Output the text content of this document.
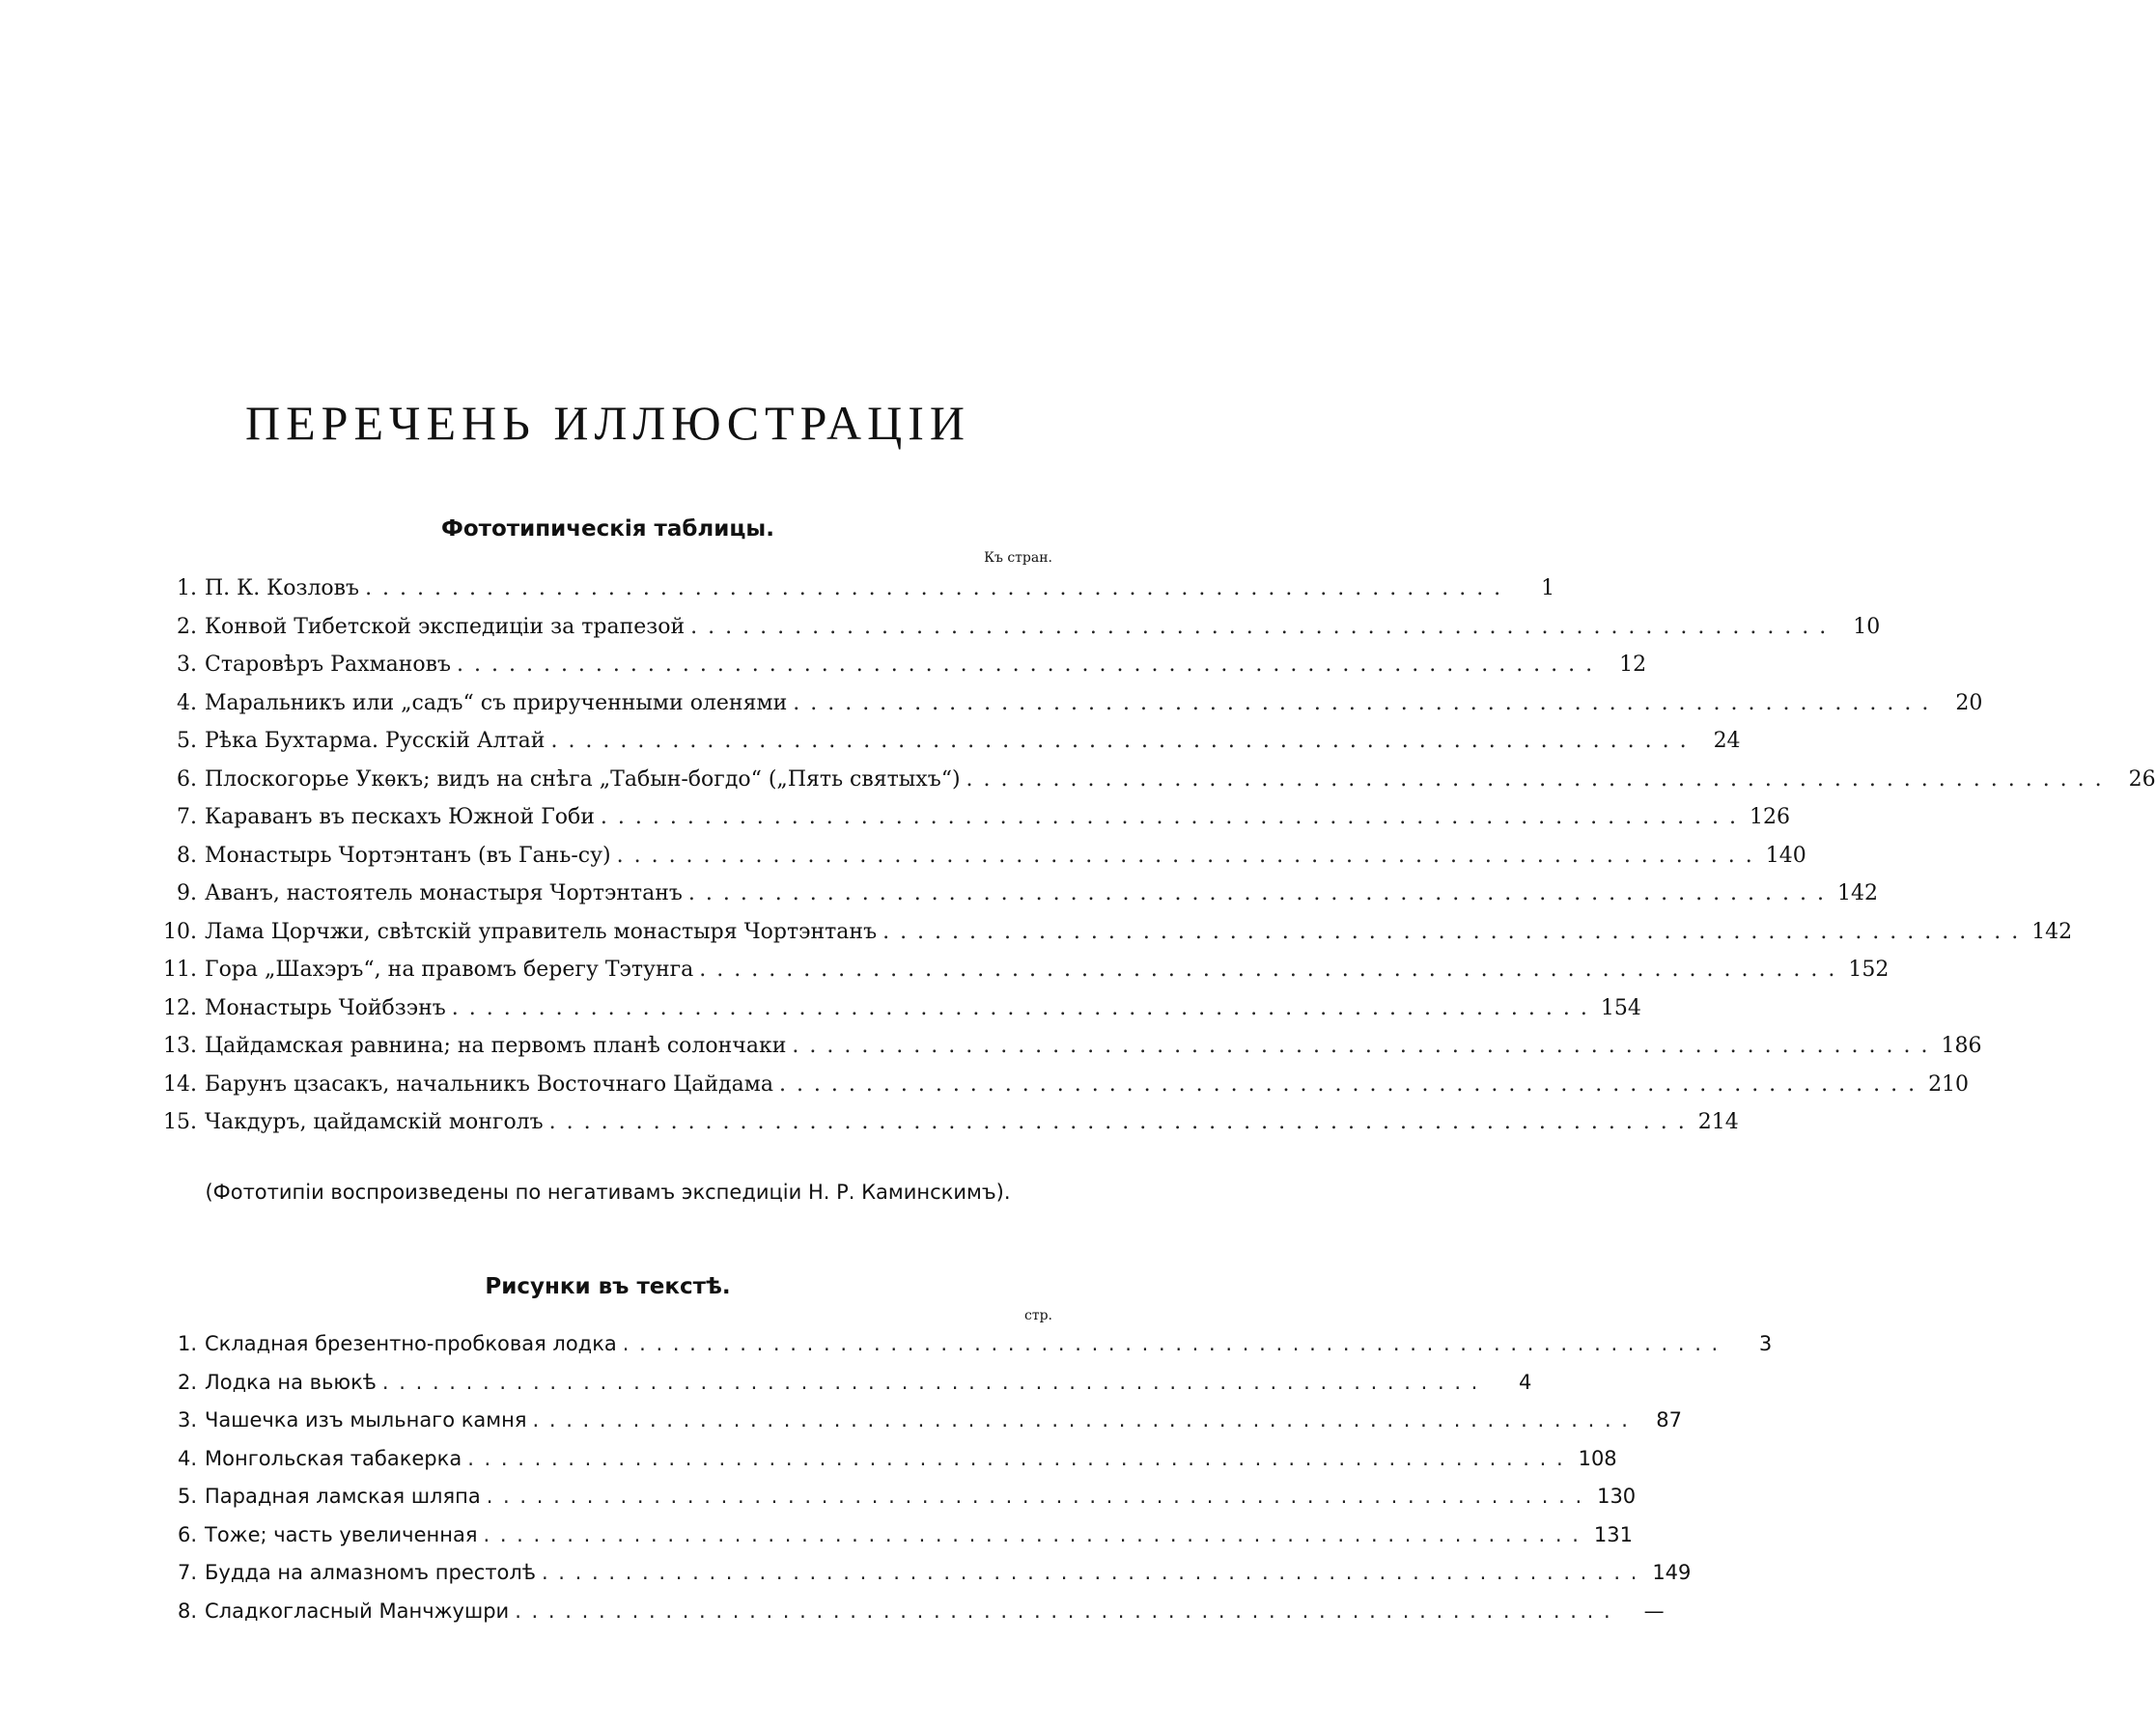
ПЕРЕЧЕНЬ ИЛЛЮСТРАЦІИ
Фототипическія таблицы.
Къ стран.
1. П. К. Козловъ . . .	1
2. Конвой Тибетской экспедиціи за трапезой . . .	10
3. Старовѣръ Рахмановъ . . .	12
4. Маральникъ или „садъ“ съ прирученными оленями . . .	20
5. Рѣка Бухтарма. Русскій Алтай . . .	24
6. Плоскогорье Укѳкъ; видъ на снѣга „Табын-богдо“ („Пять святыхъ“) . . .	26
7. Караванъ въ пескахъ Южной Гоби . . .	126
8. Монастырь Чортэнтанъ (въ Гань-су) . . .	140
9. Аванъ, настоятель монастыря Чортэнтанъ . . .	142
10. Лама Цорчжи, свѣтскій управитель монастыря Чортэнтанъ . . .	142
11. Гора „Шахэръ“, на правомъ берегу Тэтунга . . .	152
12. Монастырь Чойбзэнъ . . .	154
13. Цайдамская равнина; на первомъ планѣ солончаки . . .	186
14. Барунъ цзасакъ, начальникъ Восточнаго Цайдама . . .	210
15. Чакдуръ, цайдамскій монголъ . . .	214
(Фототипіи воспроизведены по негативамъ экспедиціи Н. Р. Каминскимъ).
Рисунки въ текстѣ.
стр.
1. Складная брезентно-пробковая лодка . . .	3
2. Лодка на вьюкѣ . . .	4
3. Чашечка изъ мыльнаго камня . . .	87
4. Монгольская табакерка . . .	108
5. Парадная ламская шляпа . . .	130
6. Тоже; часть увеличенная . . .	131
7. Будда на алмазномъ престолѣ . . .	149
8. Сладкогласный Манчжушри . . .	—
